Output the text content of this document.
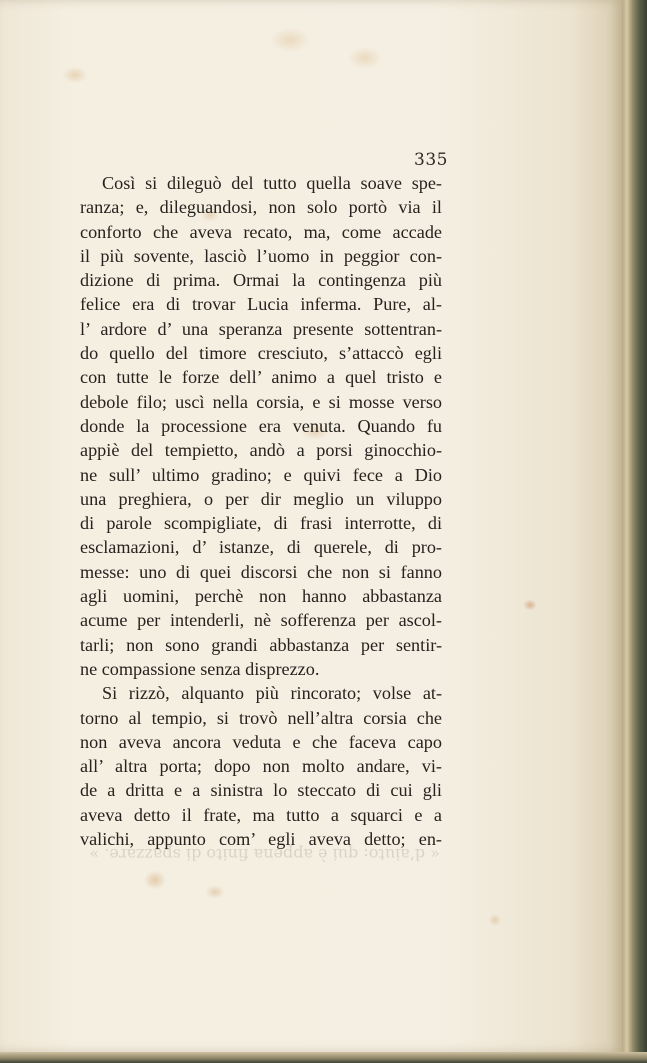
« d’aiuto: qui è appena finito di spazzare. »
335
Così si dileguò del tutto quella soave spe-
ranza; e, dileguandosi, non solo portò via il
conforto che aveva recato, ma, come accade
il più sovente, lasciò l’uomo in peggior con-
dizione di prima. Ormai la contingenza più
felice era di trovar Lucia inferma. Pure, al-
l’ ardore d’ una speranza presente sottentran-
do quello del timore cresciuto, s’attaccò egli
con tutte le forze dell’ animo a quel tristo e
debole filo; uscì nella corsia, e si mosse verso
donde la processione era venuta. Quando fu
appiè del tempietto, andò a porsi ginocchio-
ne sull’ ultimo gradino; e quivi fece a Dio
una preghiera, o per dir meglio un viluppo
di parole scompigliate, di frasi interrotte, di
esclamazioni, d’ istanze, di querele, di pro-
messe: uno di quei discorsi che non si fanno
agli uomini, perchè non hanno abbastanza
acume per intenderli, nè sofferenza per ascol-
tarli; non sono grandi abbastanza per sentir-
ne compassione senza disprezzo.
Si rizzò, alquanto più rincorato; volse at-
torno al tempio, si trovò nell’altra corsia che
non aveva ancora veduta e che faceva capo
all’ altra porta; dopo non molto andare, vi-
de a dritta e a sinistra lo steccato di cui gli
aveva detto il frate, ma tutto a squarci e a
valichi, appunto com’ egli aveva detto; en-
